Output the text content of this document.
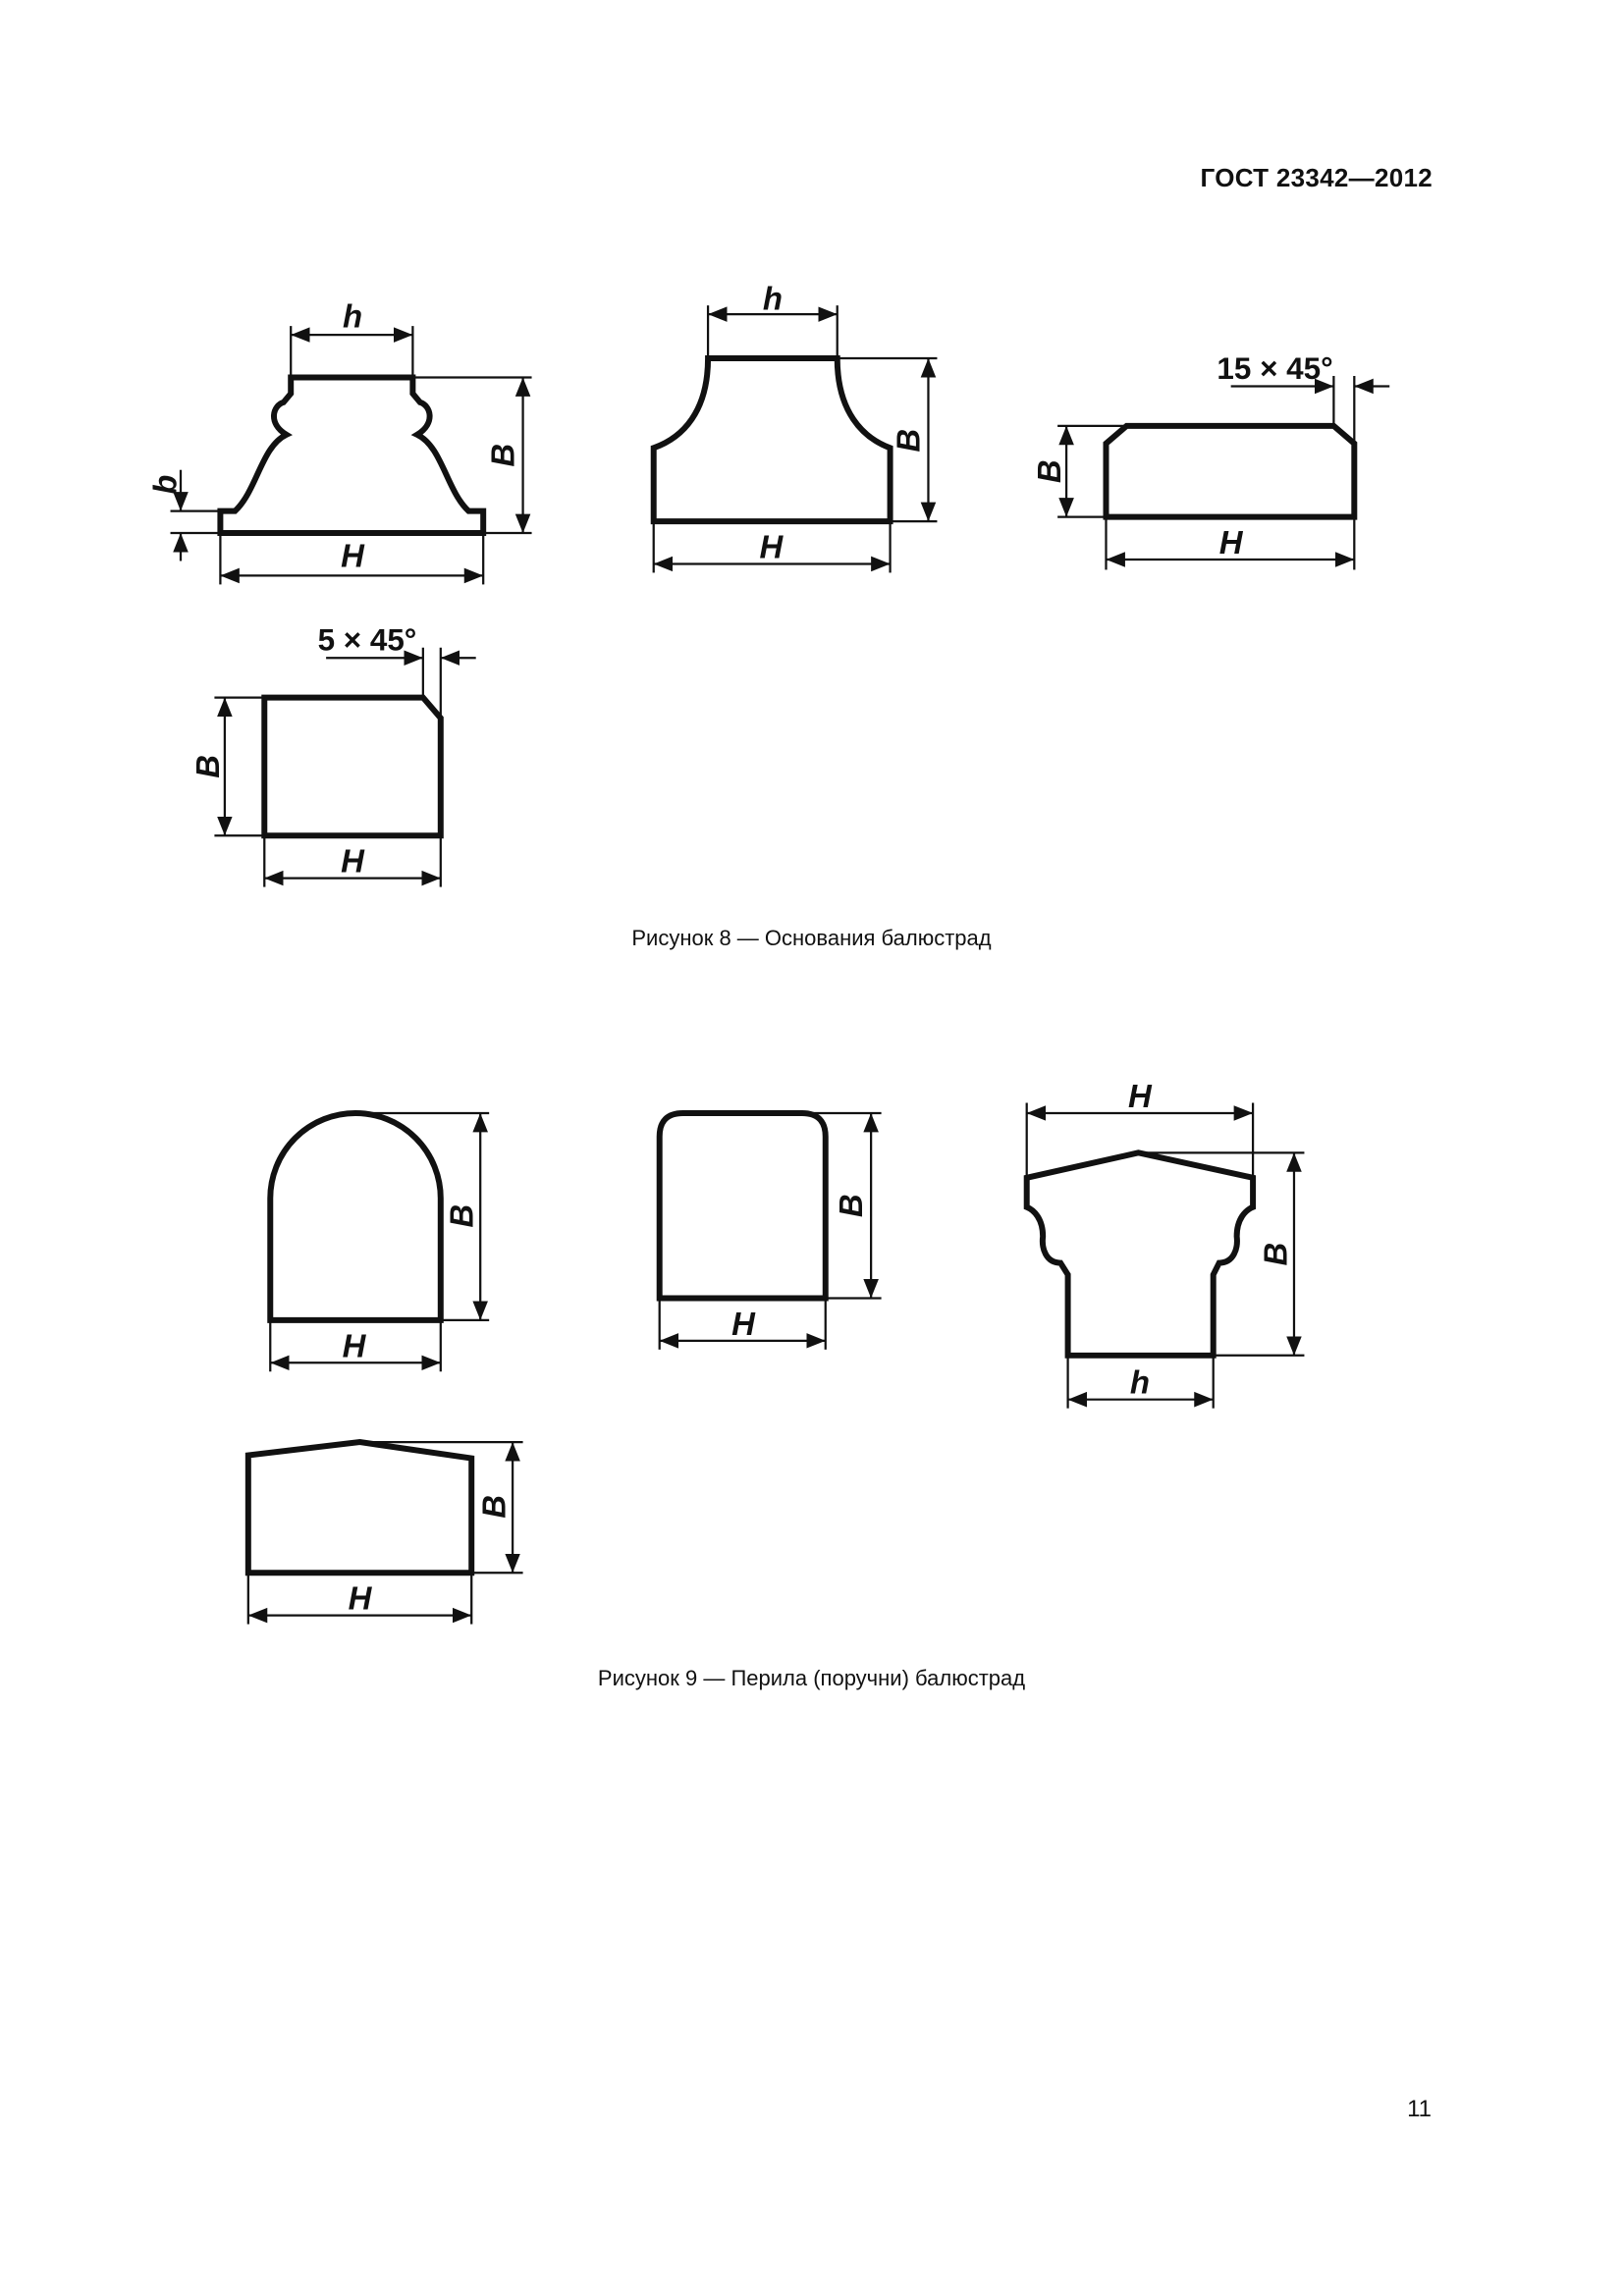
ГОСТ 23342—2012
H
h
B
b
H
h
B
H
B
15 × 45°
H
B
5 × 45°
H
B
H
B
h
H
B
H
B
Рисунок 8 — Основания балюстрад
Рисунок 9 — Перила (поручни) балюстрад
11
